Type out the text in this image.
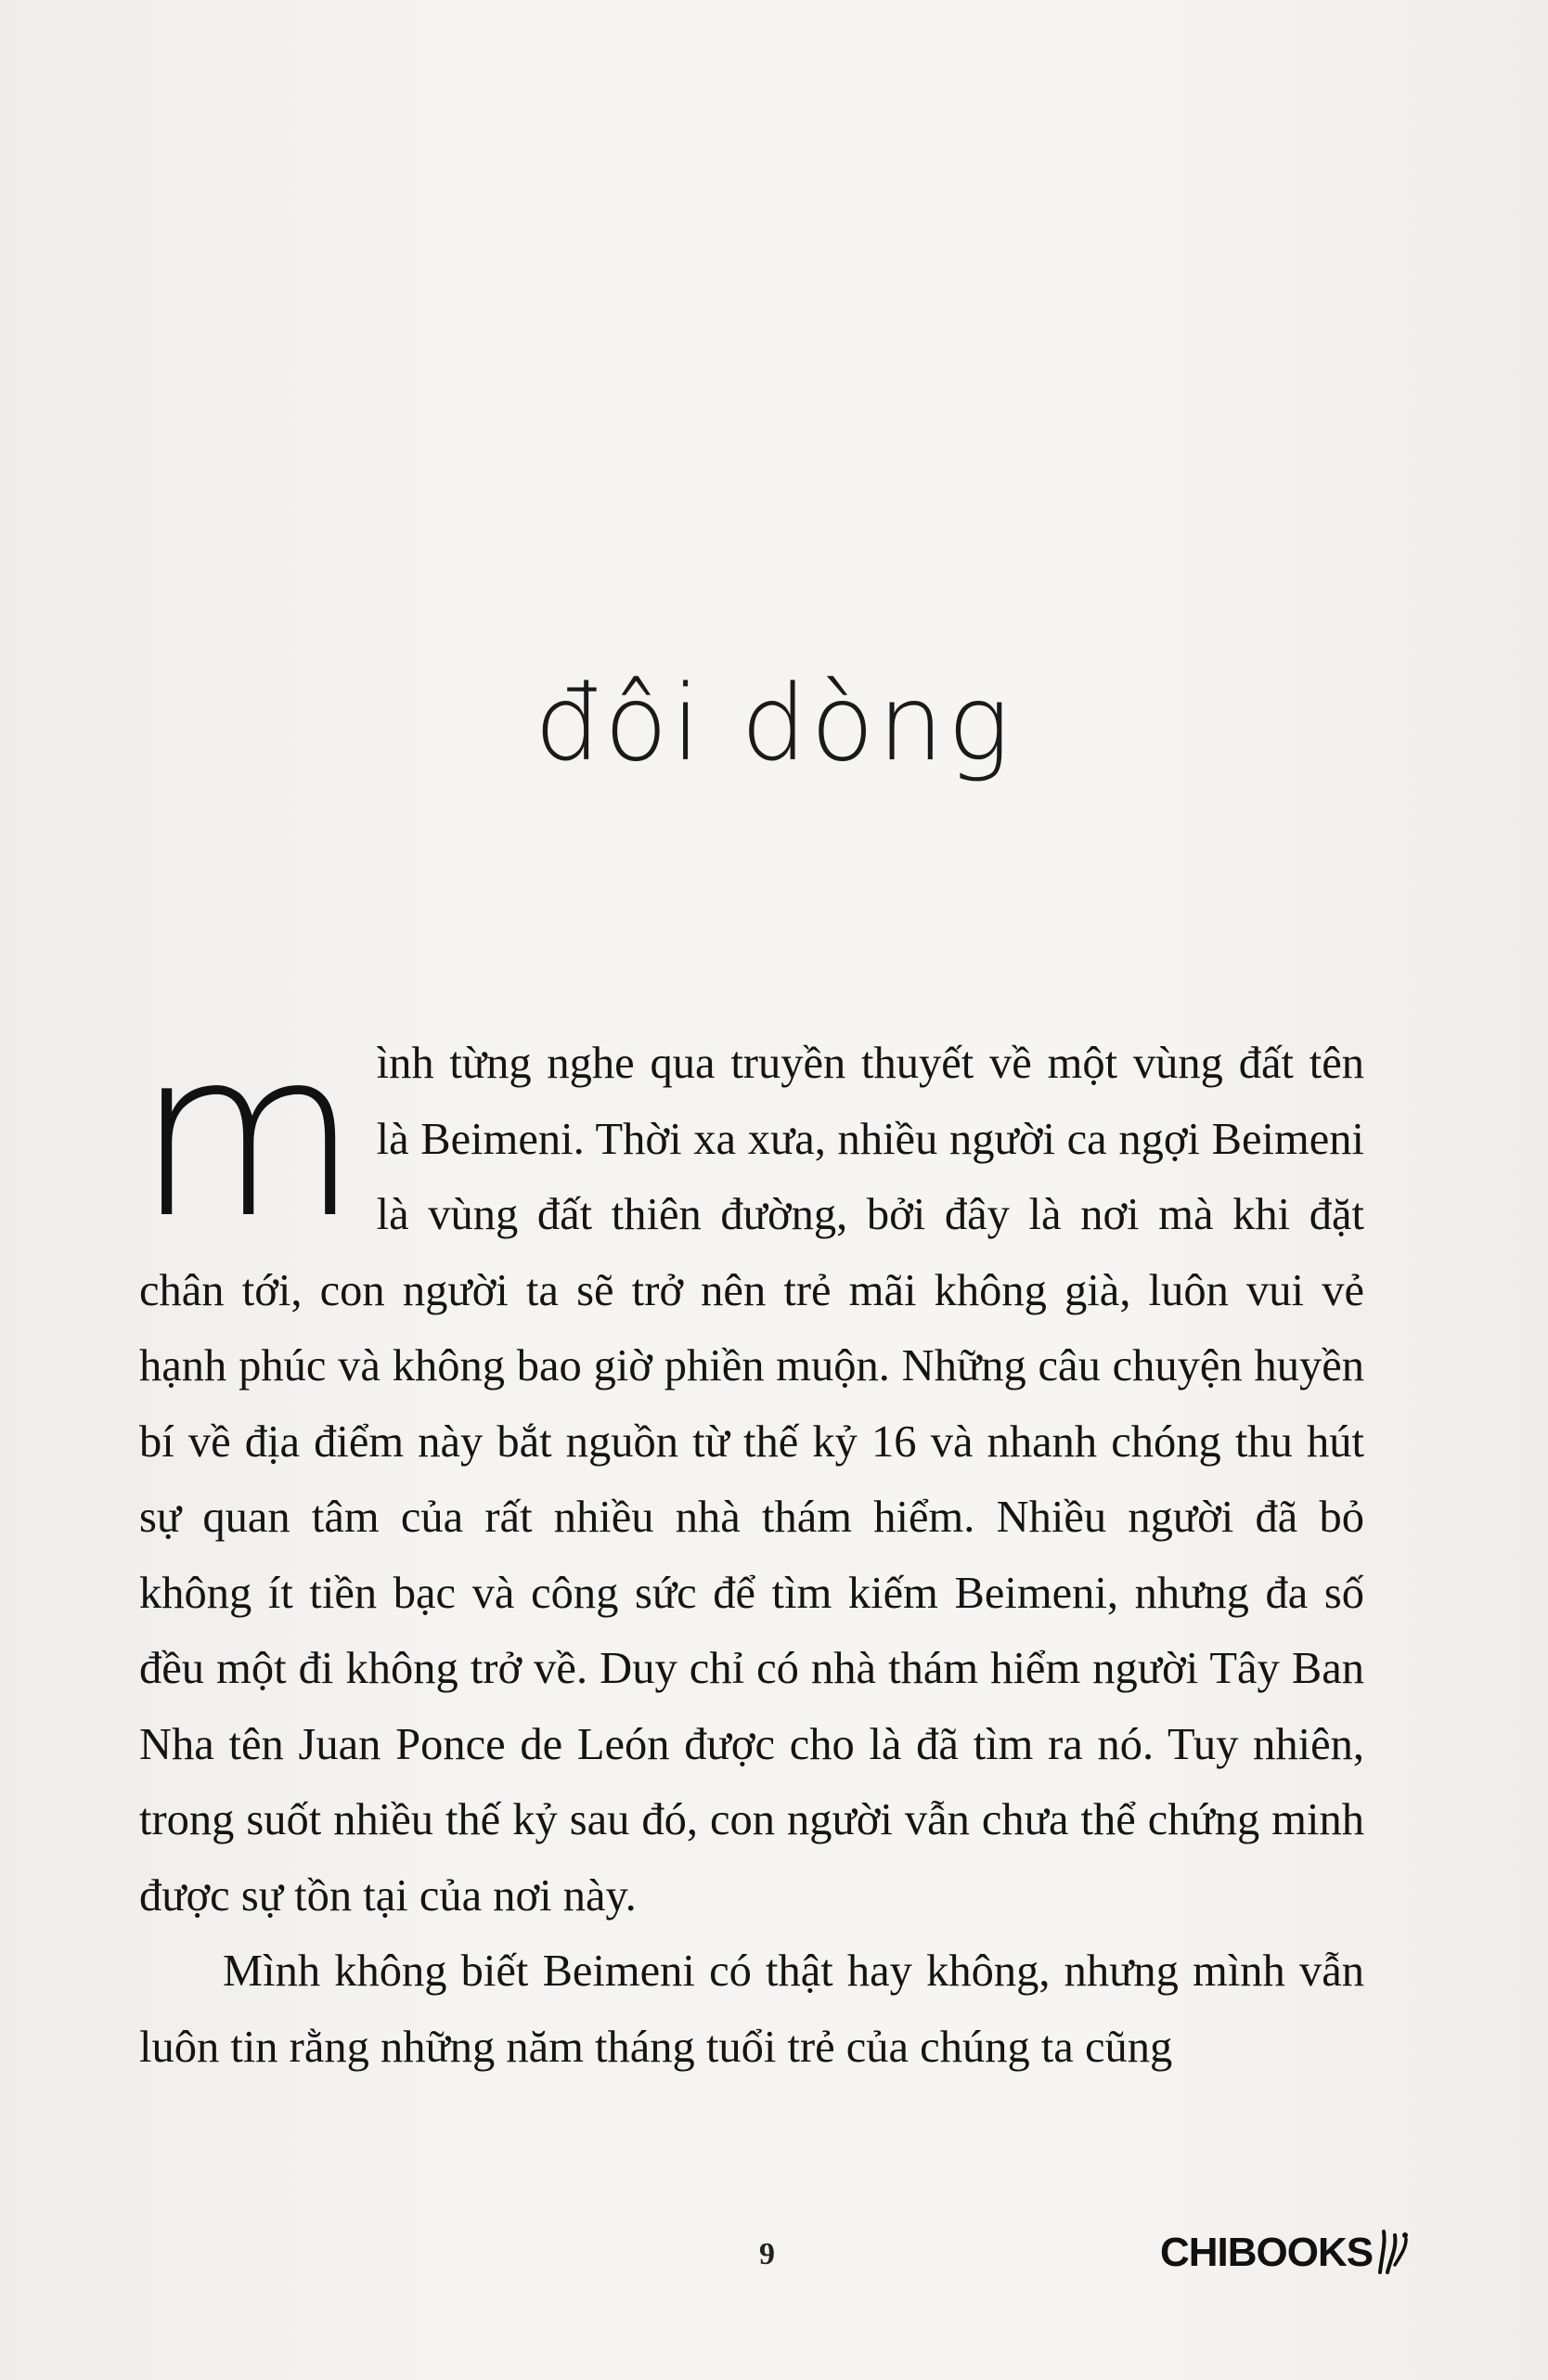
đôi dòng

mình từng nghe qua truyền thuyết về một vùng đất tên là Beimeni. Thời xa xưa, nhiều người ca ngợi Beimeni là vùng đất thiên đường, bởi đây là nơi mà khi đặt chân tới, con người ta sẽ trở nên trẻ mãi không già, luôn vui vẻ hạnh phúc và không bao giờ phiền muộn. Những câu chuyện huyền bí về địa điểm này bắt nguồn từ thế kỷ 16 và nhanh chóng thu hút sự quan tâm của rất nhiều nhà thám hiểm. Nhiều người đã bỏ không ít tiền bạc và công sức để tìm kiếm Beimeni, nhưng đa số đều một đi không trở về. Duy chỉ có nhà thám hiểm người Tây Ban Nha tên Juan Ponce de León được cho là đã tìm ra nó. Tuy nhiên, trong suốt nhiều thế kỷ sau đó, con người vẫn chưa thể chứng minh được sự tồn tại của nơi này.

Mình không biết Beimeni có thật hay không, nhưng mình vẫn luôn tin rằng những năm tháng tuổi trẻ của chúng ta cũng

9	CHIBOOKS
